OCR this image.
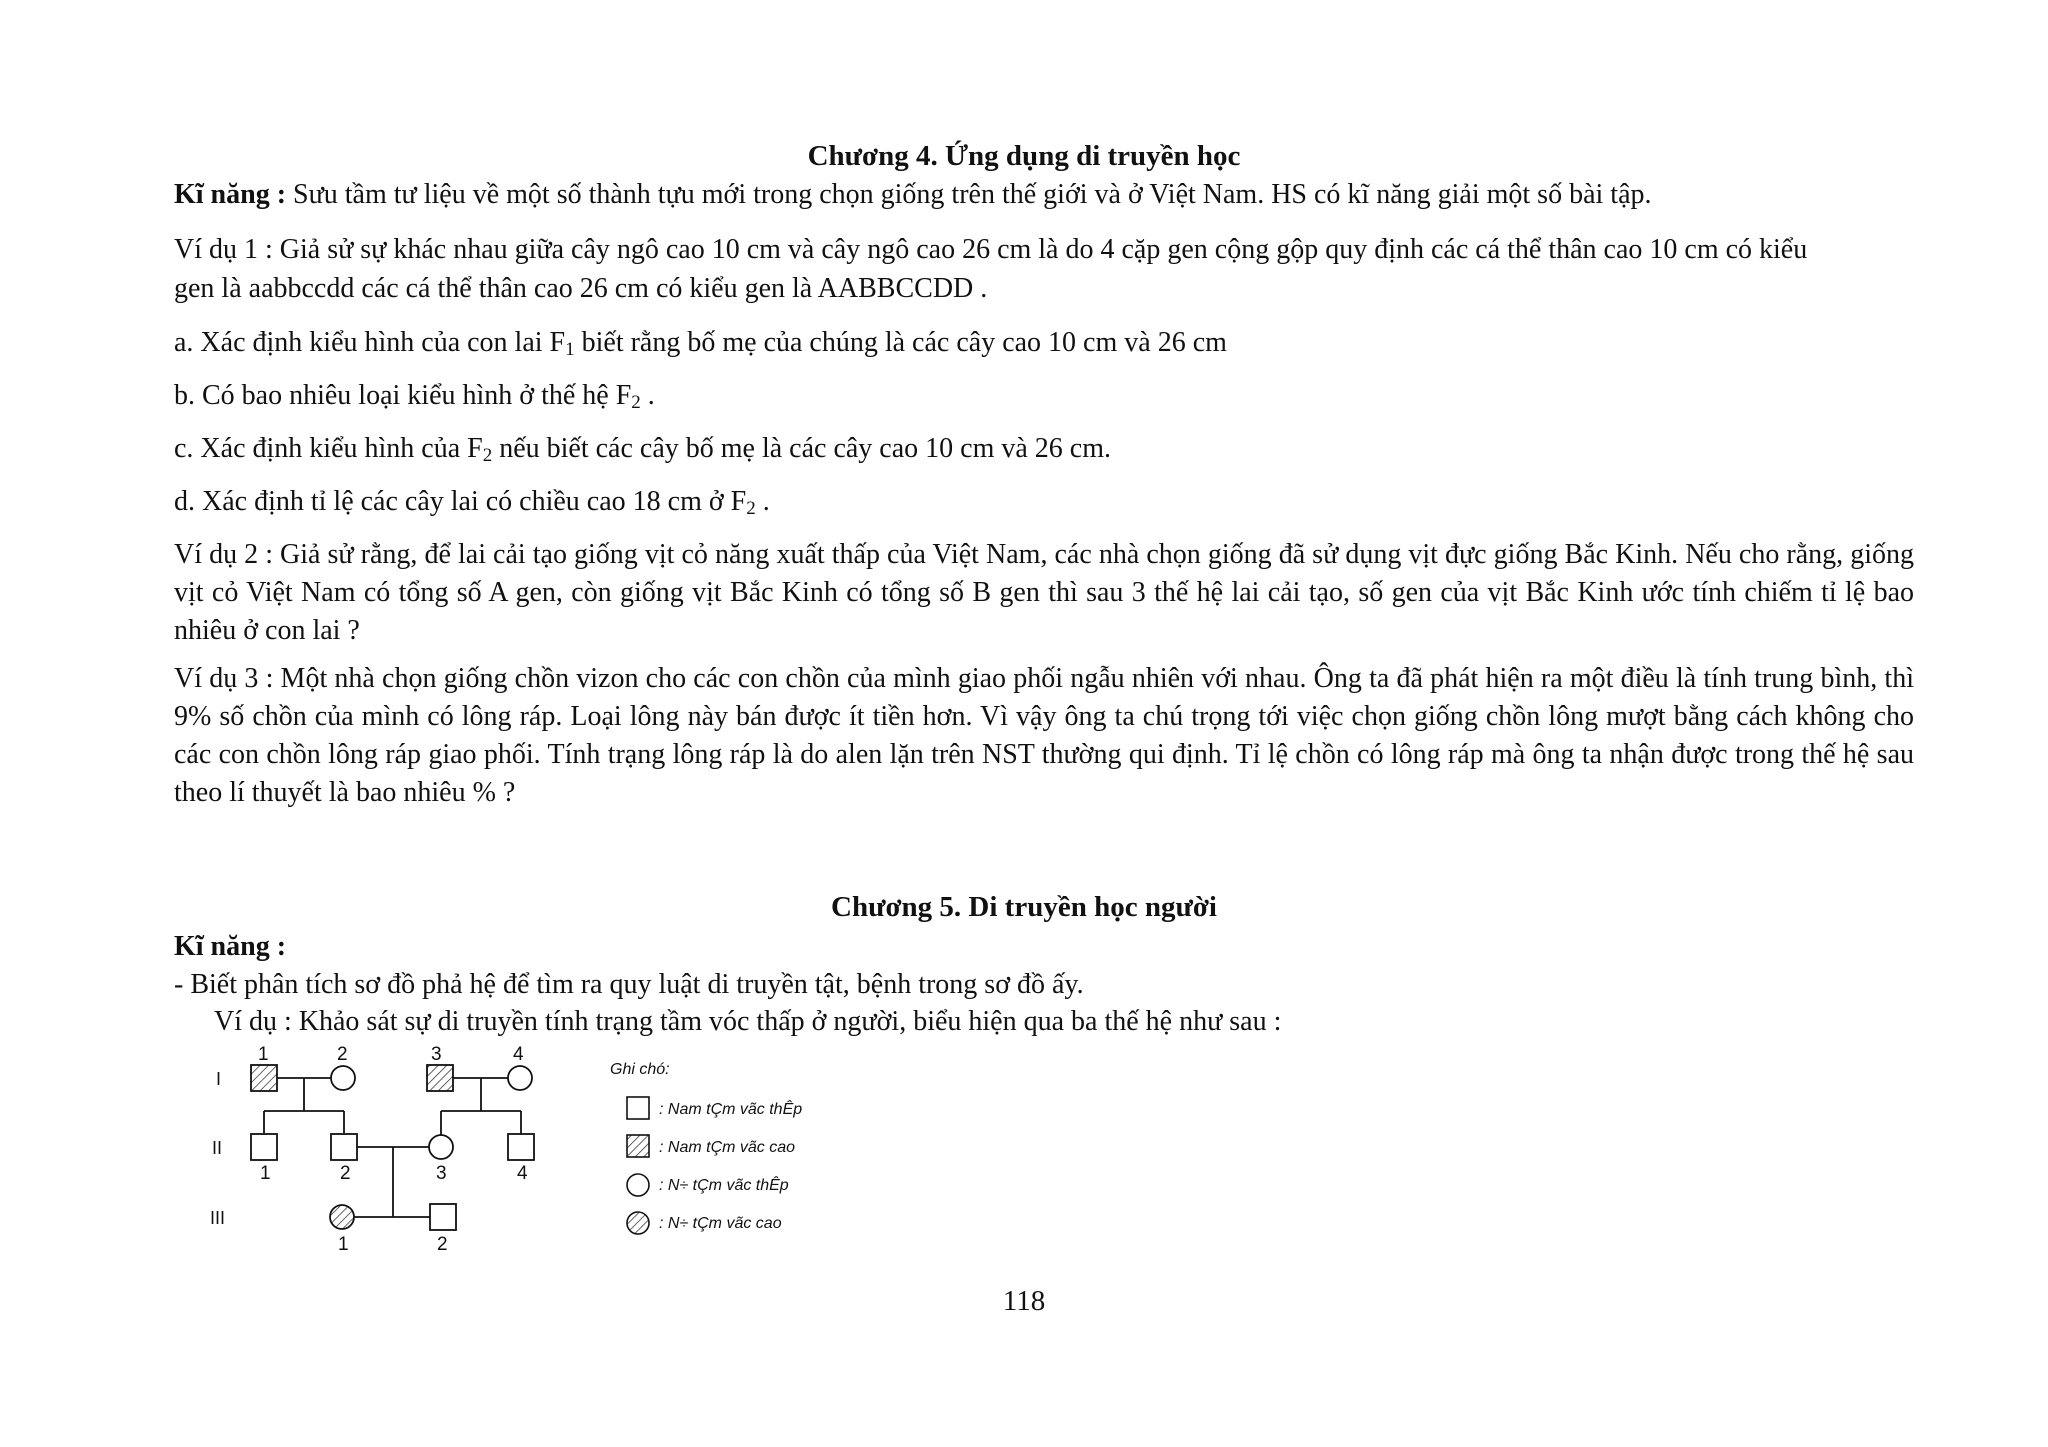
Chương 4. Ứng dụng di truyền học
Kĩ năng : Sưu tầm tư liệu về một số thành tựu mới trong chọn giống trên thế giới và ở Việt Nam. HS có kĩ năng giải một số bài tập.
Ví dụ 1 : Giả sử sự khác nhau giữa cây ngô cao 10 cm và cây ngô cao 26 cm là do 4 cặp gen cộng gộp quy định các cá thể thân cao 10 cm có kiểu
gen là aabbccdd các cá thể thân cao 26 cm có kiểu gen là AABBCCDD .
a. Xác định kiểu hình của con lai $F_1$ biết rằng bố mẹ của chúng là các cây cao 10 cm và 26 cm
b. Có bao nhiêu loại kiểu hình ở thế hệ $F_2$ .
c. Xác định kiểu hình của $F_2$ nếu biết các cây bố mẹ là các cây cao 10 cm và 26 cm.
d. Xác định tỉ lệ các cây lai có chiều cao 18 cm ở $F_2$ .
Ví dụ 2 : Giả sử rằng, để lai cải tạo giống vịt cỏ năng xuất thấp của Việt Nam, các nhà chọn giống đã sử dụng vịt đực giống Bắc Kinh. Nếu cho rằng, giống vịt cỏ Việt Nam có tổng số A gen, còn giống vịt Bắc Kinh có tổng số B gen thì sau 3 thế hệ lai cải tạo, số gen của vịt Bắc Kinh ước tính chiếm tỉ lệ bao nhiêu ở con lai ?
Ví dụ 3 : Một nhà chọn giống chồn vizon cho các con chồn của mình giao phối ngẫu nhiên với nhau. Ông ta đã phát hiện ra một điều là tính trung bình, thì 9% số chồn của mình có lông ráp. Loại lông này bán được ít tiền hơn. Vì vậy ông ta chú trọng tới việc chọn giống chồn lông mượt bằng cách không cho các con chồn lông ráp giao phối. Tính trạng lông ráp là do alen lặn trên NST thường qui định. Tỉ lệ chồn có lông ráp mà ông ta nhận được trong thế hệ sau theo lí thuyết là bao nhiêu % ?
Chương 5. Di truyền học người
Kĩ năng :
- Biết phân tích sơ đồ phả hệ để tìm ra quy luật di truyền tật, bệnh trong sơ đồ ấy.
Ví dụ : Khảo sát sự di truyền tính trạng tầm vóc thấp ở người, biểu hiện qua ba thế hệ như sau :
I
II
III
1	2	3	4
1	2	3	4
1	2
Ghi chó:
: Nam tÇm vãc thÊp
: Nam tÇm vãc cao
: N÷ tÇm vãc thÊp
: N÷ tÇm vãc cao
118
